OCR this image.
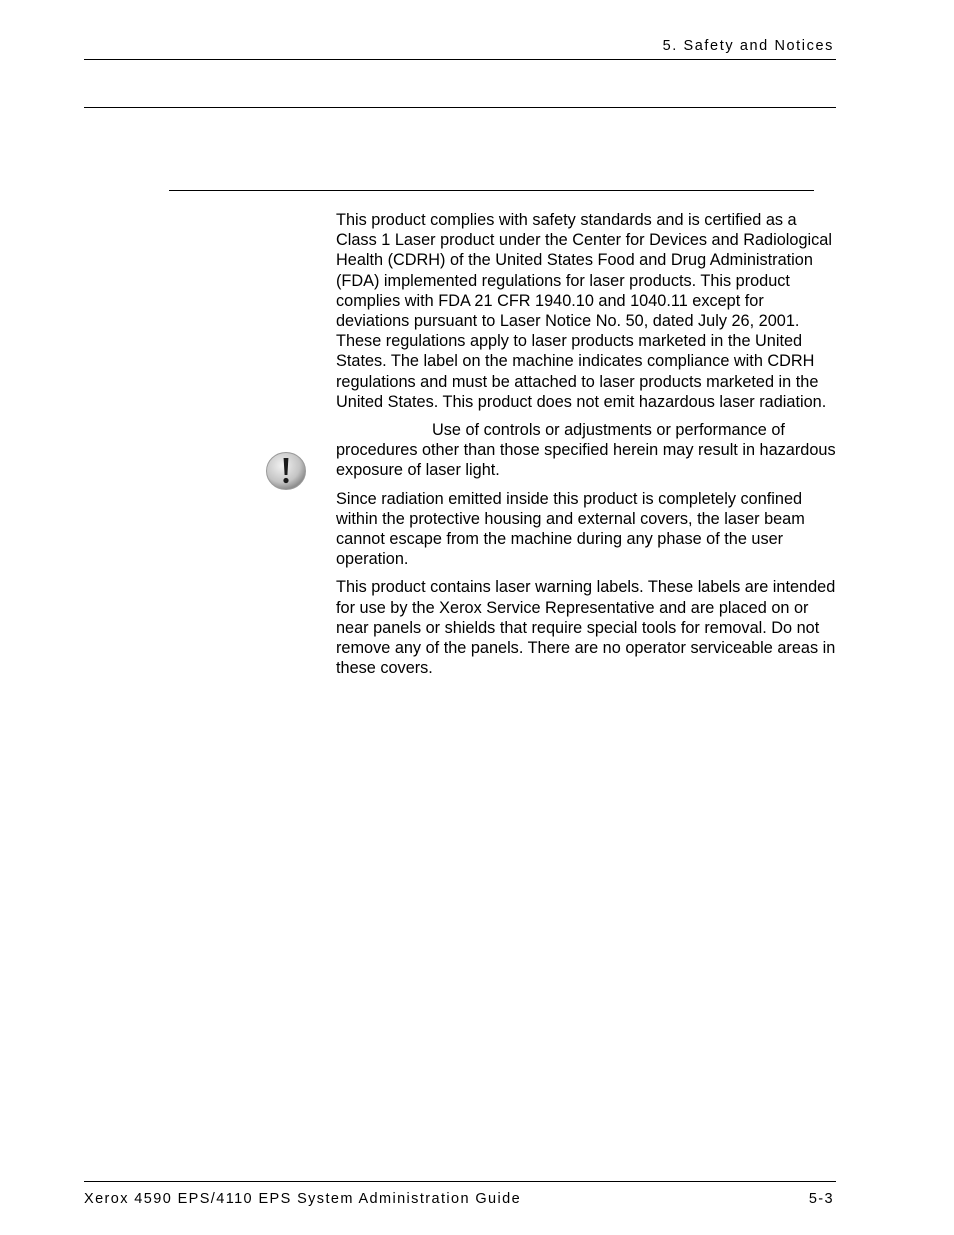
5. Safety and Notices

This product complies with safety standards and is certified as a Class 1 Laser product under the Center for Devices and Radiological Health (CDRH) of the United States Food and Drug Administration (FDA) implemented regulations for laser products. This product complies with FDA 21 CFR 1940.10 and 1040.11 except for deviations pursuant to Laser Notice No. 50, dated July 26, 2001. These regulations apply to laser products marketed in the United States. The label on the machine indicates compliance with CDRH regulations and must be attached to laser products marketed in the United States. This product does not emit hazardous laser radiation.

Use of controls or adjustments or performance of procedures other than those specified herein may result in hazardous exposure of laser light.

Since radiation emitted inside this product is completely confined within the protective housing and external covers, the laser beam cannot escape from the machine during any phase of the user operation.

This product contains laser warning labels. These labels are intended for use by the Xerox Service Representative and are placed on or near panels or shields that require special tools for removal. Do not remove any of the panels. There are no operator serviceable areas in these covers.

Xerox 4590 EPS/4110 EPS System Administration Guide	5-3
